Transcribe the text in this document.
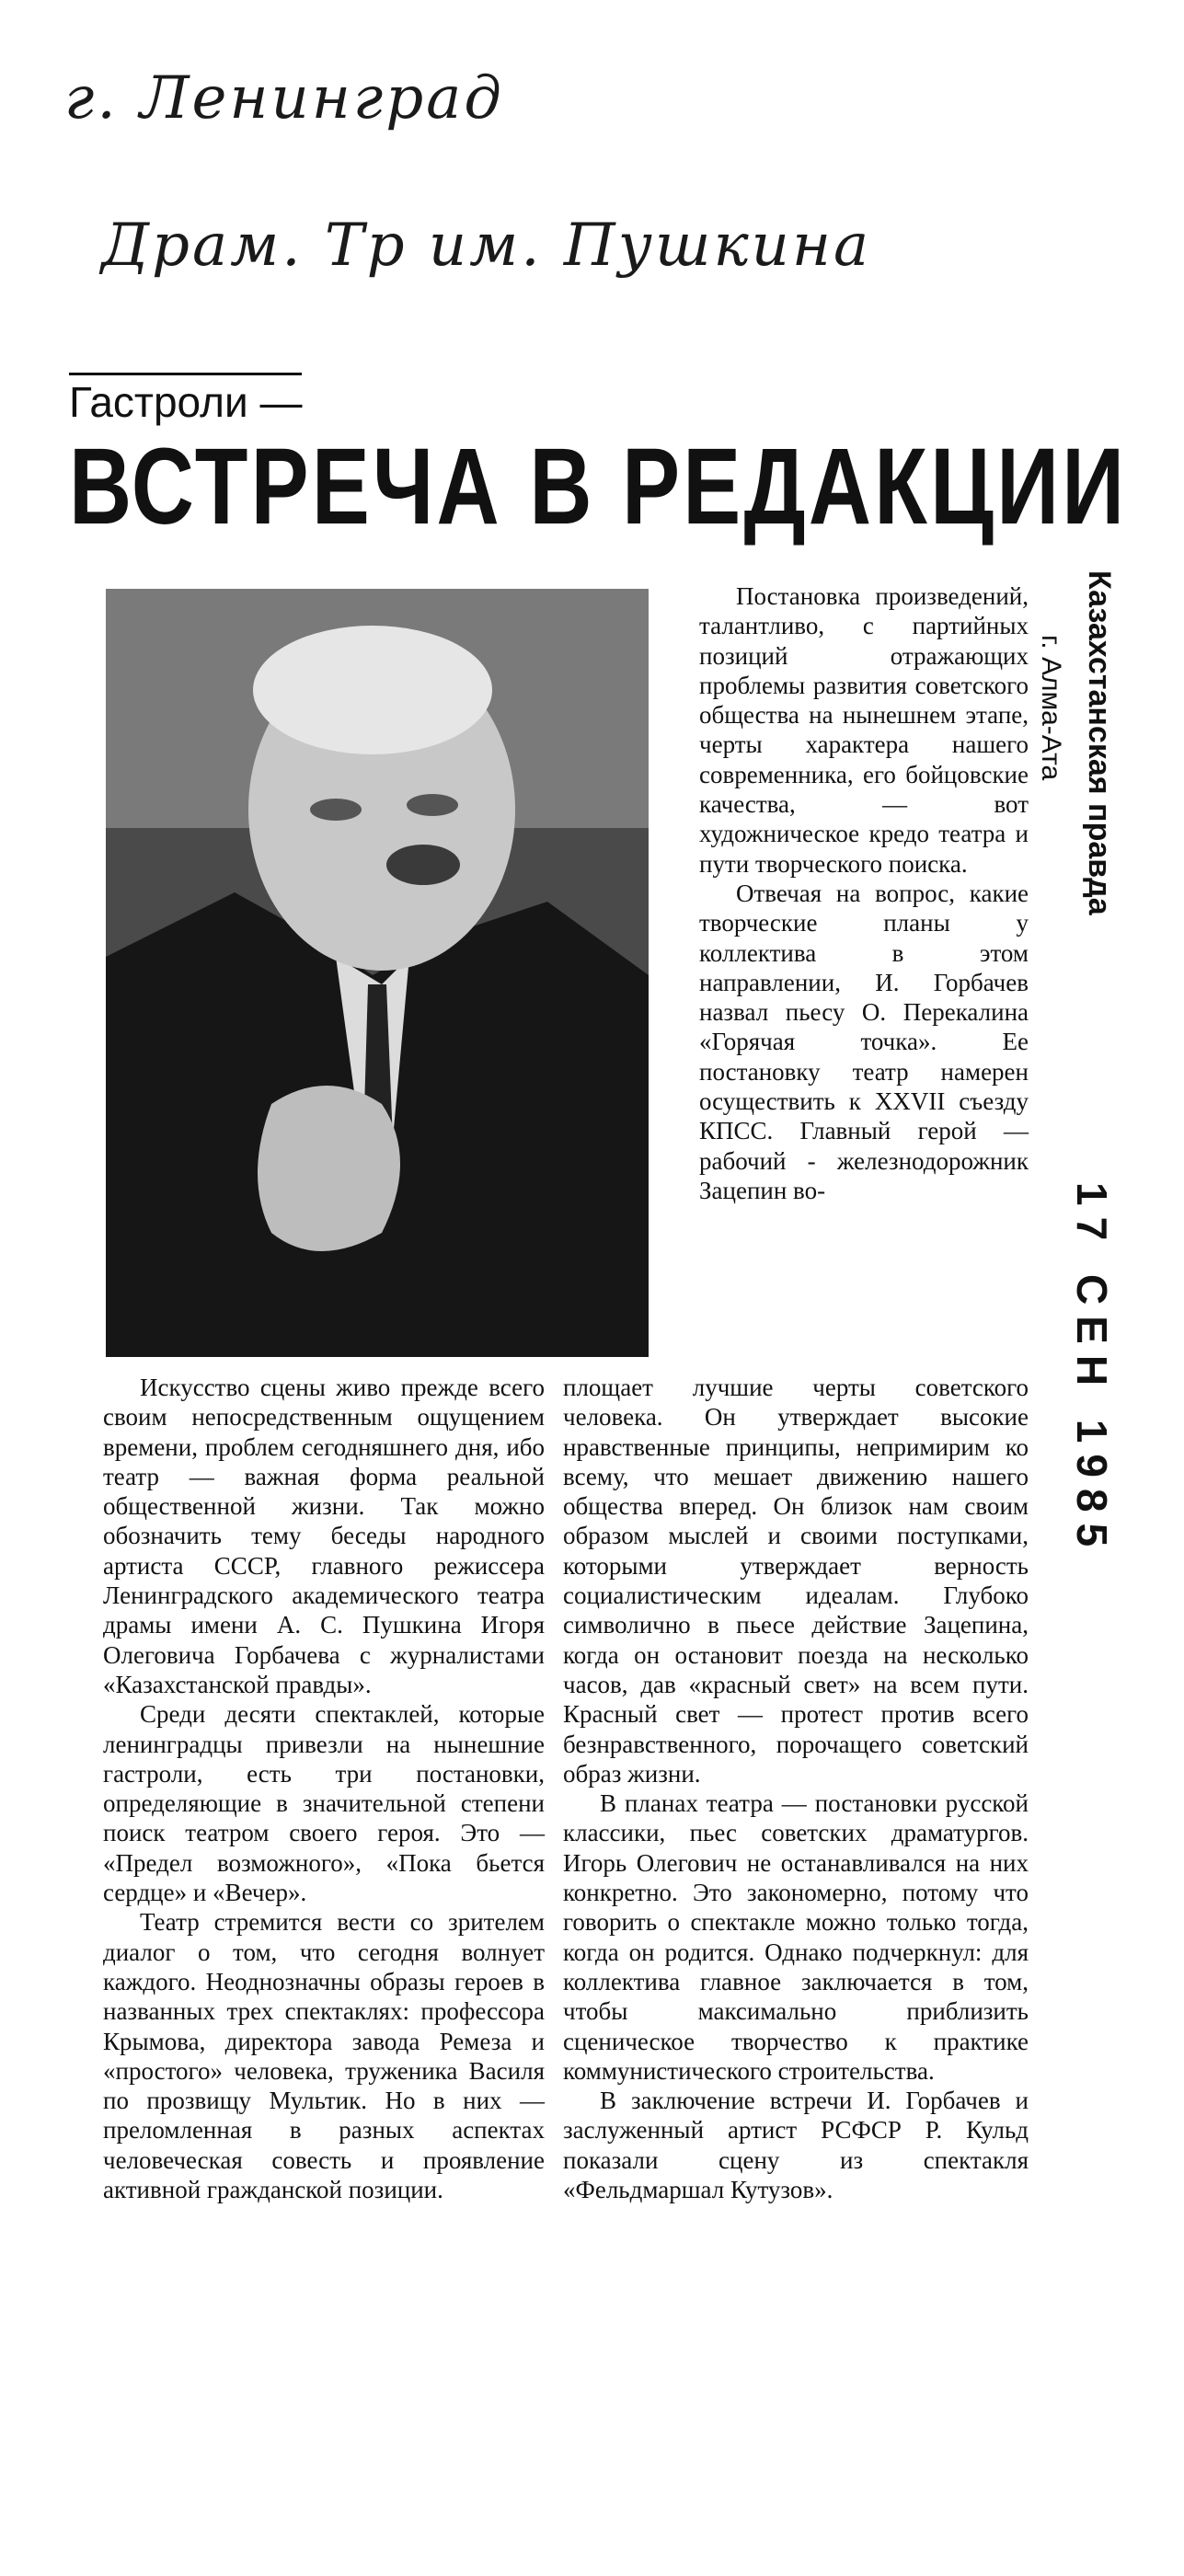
г. Ленинград
Драм. Тр им. Пушкина
Гастроли —
ВСТРЕЧА В РЕДАКЦИИ

Постановка произведений, талантливо, с партийных позиций отражающих проблемы развития советского общества на нынешнем этапе, черты характера нашего современника, его бойцовские качества, — вот художническое кредо театра и пути творческого поиска.

Отвечая на вопрос, какие творческие планы у коллектива в этом направлении, И. Горбачев назвал пьесу О. Перекалина «Горячая точка». Ее постановку театр намерен осуществить к XXVII съезду КПСС. Главный герой — рабочий - железнодорожник Зацепин во-

Искусство сцены живо прежде всего своим непосредственным ощущением времени, проблем сегодняшнего дня, ибо театр — важная форма реальной общественной жизни. Так можно обозначить тему беседы народного артиста СССР, главного режиссера Ленинградского академического театра драмы имени А. С. Пушкина Игоря Олеговича Горбачева с журналистами «Казахстанской правды».

Среди десяти спектаклей, которые ленинградцы привезли на нынешние гастроли, есть три постановки, определяющие в значительной степени поиск театром своего героя. Это — «Предел возможного», «Пока бьется сердце» и «Вечер».

Театр стремится вести со зрителем диалог о том, что сегодня волнует каждого. Неоднозначны образы героев в названных трех спектаклях: профессора Крымова, директора завода Ремеза и «простого» человека, труженика Василя по прозвищу Мультик. Но в них — преломленная в разных аспектах человеческая совесть и проявление активной гражданской позиции.

площает лучшие черты советского человека. Он утверждает высокие нравственные принципы, непримирим ко всему, что мешает движению нашего общества вперед. Он близок нам своим образом мыслей и своими поступками, которыми утверждает верность социалистическим идеалам. Глубоко символично в пьесе действие Зацепина, когда он остановит поезда на несколько часов, дав «красный свет» на всем пути. Красный свет — протест против всего безнравственного, порочащего советский образ жизни.

В планах театра — постановки русской классики, пьес советских драматургов. Игорь Олегович не останавливался на них конкретно. Это закономерно, потому что говорить о спектакле можно только тогда, когда он родится. Однако подчеркнул: для коллектива главное заключается в том, чтобы максимально приблизить сценическое творчество к практике коммунистического строительства.

В заключение встречи И. Горбачев и заслуженный артист РСФСР Р. Кульд показали сцену из спектакля «Фельдмаршал Кутузов».

Казахстанская правда
г. Алма-Ата
17 СЕН 1985
